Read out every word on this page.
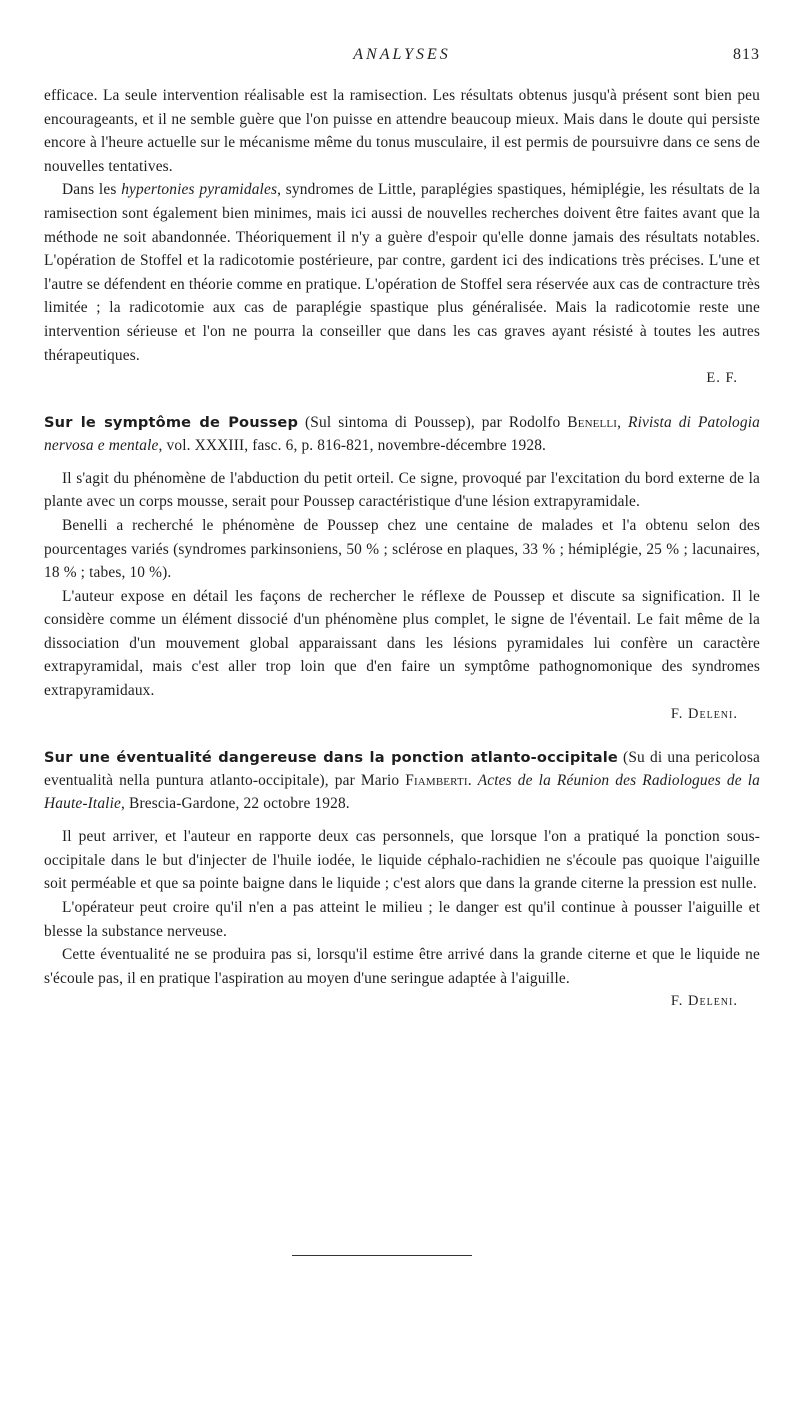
ANALYSES	813

efficace. La seule intervention réalisable est la ramisection. Les résultats obtenus jusqu'à présent sont bien peu encourageants, et il ne semble guère que l'on puisse en attendre beaucoup mieux. Mais dans le doute qui persiste encore à l'heure actuelle sur le mécanisme même du tonus musculaire, il est permis de poursuivre dans ce sens de nouvelles tentatives.

Dans les hypertonies pyramidales, syndromes de Little, paraplégies spastiques, hémiplégie, les résultats de la ramisection sont également bien minimes, mais ici aussi de nouvelles recherches doivent être faites avant que la méthode ne soit abandonnée. Théoriquement il n'y a guère d'espoir qu'elle donne jamais des résultats notables. L'opération de Stoffel et la radicotomie postérieure, par contre, gardent ici des indications très précises. L'une et l'autre se défendent en théorie comme en pratique. L'opération de Stoffel sera réservée aux cas de contracture très limitée ; la radicotomie aux cas de paraplégie spastique plus généralisée. Mais la radicotomie reste une intervention sérieuse et l'on ne pourra la conseiller que dans les cas graves ayant résisté à toutes les autres thérapeutiques.

E. F.

Sur le symptôme de Poussep (Sul sintoma di Poussep), par Rodolfo Benelli, Rivista di Patologia nervosa e mentale, vol. XXXIII, fasc. 6, p. 816-821, novembre-décembre 1928.

Il s'agit du phénomène de l'abduction du petit orteil. Ce signe, provoqué par l'excitation du bord externe de la plante avec un corps mousse, serait pour Poussep caractéristique d'une lésion extrapyramidale.

Benelli a recherché le phénomène de Poussep chez une centaine de malades et l'a obtenu selon des pourcentages variés (syndromes parkinsoniens, 50 % ; sclérose en plaques, 33 % ; hémiplégie, 25 % ; lacunaires, 18 % ; tabes, 10 %).

L'auteur expose en détail les façons de rechercher le réflexe de Poussep et discute sa signification. Il le considère comme un élément dissocié d'un phénomène plus complet, le signe de l'éventail. Le fait même de la dissociation d'un mouvement global apparaissant dans les lésions pyramidales lui confère un caractère extrapyramidal, mais c'est aller trop loin que d'en faire un symptôme pathognomonique des syndromes extrapyramidaux.

F. Deleni.

Sur une éventualité dangereuse dans la ponction atlanto-occipitale (Su di una pericolosa eventualità nella puntura atlanto-occipitale), par Mario Fiamberti. Actes de la Réunion des Radiologues de la Haute-Italie, Brescia-Gardone, 22 octobre 1928.

Il peut arriver, et l'auteur en rapporte deux cas personnels, que lorsque l'on a pratiqué la ponction sous-occipitale dans le but d'injecter de l'huile iodée, le liquide céphalo-rachidien ne s'écoule pas quoique l'aiguille soit perméable et que sa pointe baigne dans le liquide ; c'est alors que dans la grande citerne la pression est nulle.

L'opérateur peut croire qu'il n'en a pas atteint le milieu ; le danger est qu'il continue à pousser l'aiguille et blesse la substance nerveuse.

Cette éventualité ne se produira pas si, lorsqu'il estime être arrivé dans la grande citerne et que le liquide ne s'écoule pas, il en pratique l'aspiration au moyen d'une seringue adaptée à l'aiguille.

F. Deleni.
